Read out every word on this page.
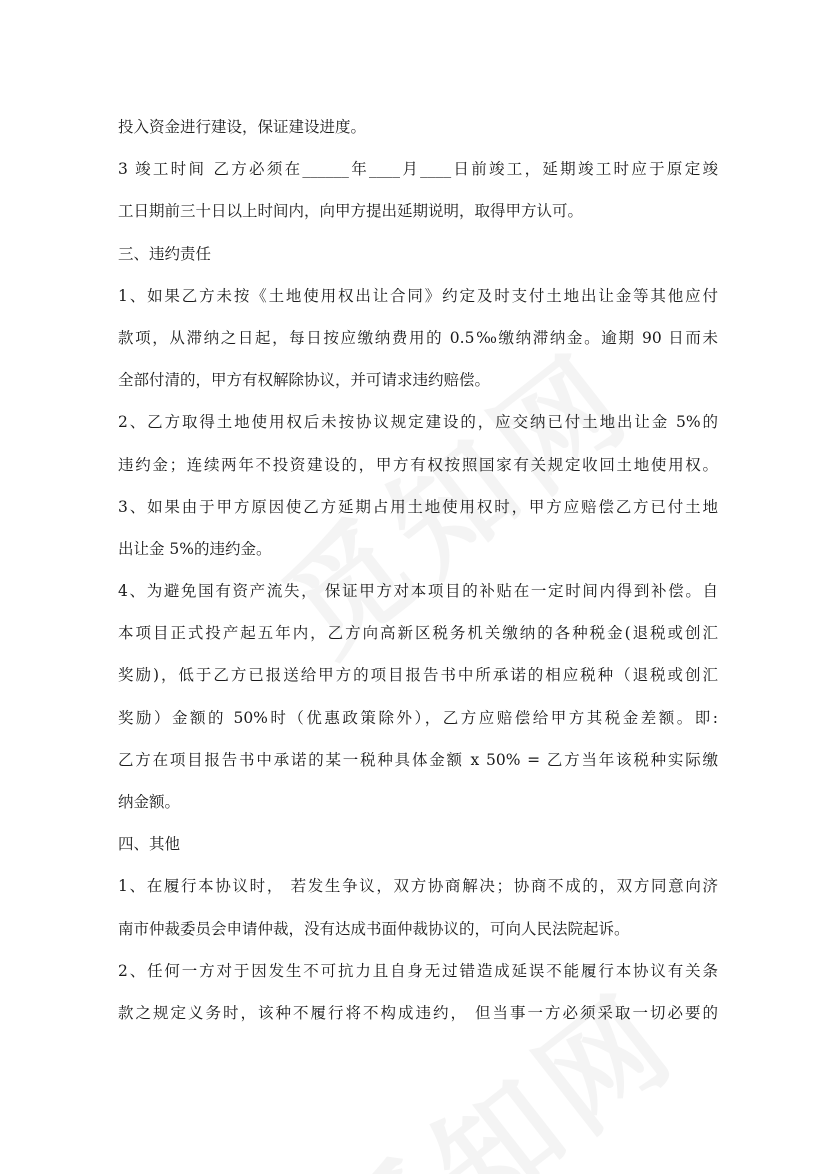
投入资金进行建设，保证建设进度。
3 竣工时间 乙方必须在______年____月____日前竣工，延期竣工时应于原定竣
工日期前三十日以上时间内，向甲方提出延期说明，取得甲方认可。
三、违约责任
1、如果乙方未按《土地使用权出让合同》约定及时支付土地出让金等其他应付
款项，从滞纳之日起，每日按应缴纳费用的 0.5‰缴纳滞纳金。逾期 90 日而未
全部付清的，甲方有权解除协议，并可请求违约赔偿。
2、乙方取得土地使用权后未按协议规定建设的，应交纳已付土地出让金 5%的
违约金；连续两年不投资建设的，甲方有权按照国家有关规定收回土地使用权。
3、如果由于甲方原因使乙方延期占用土地使用权时，甲方应赔偿乙方已付土地
出让金 5%的违约金。
4、为避免国有资产流失， 保证甲方对本项目的补贴在一定时间内得到补偿。自
本项目正式投产起五年内，乙方向高新区税务机关缴纳的各种税金(退税或创汇
奖励)，低于乙方已报送给甲方的项目报告书中所承诺的相应税种（退税或创汇
奖励）金额的 50%时（优惠政策除外），乙方应赔偿给甲方其税金差额。即:
乙方在项目报告书中承诺的某一税种具体金额 x 50% = 乙方当年该税种实际缴
纳金额。
四、其他
1、在履行本协议时， 若发生争议，双方协商解决；协商不成的，双方同意向济
南市仲裁委员会申请仲裁，没有达成书面仲裁协议的，可向人民法院起诉。
2、任何一方对于因发生不可抗力且自身无过错造成延误不能履行本协议有关条
款之规定义务时，该种不履行将不构成违约， 但当事一方必须采取一切必要的
